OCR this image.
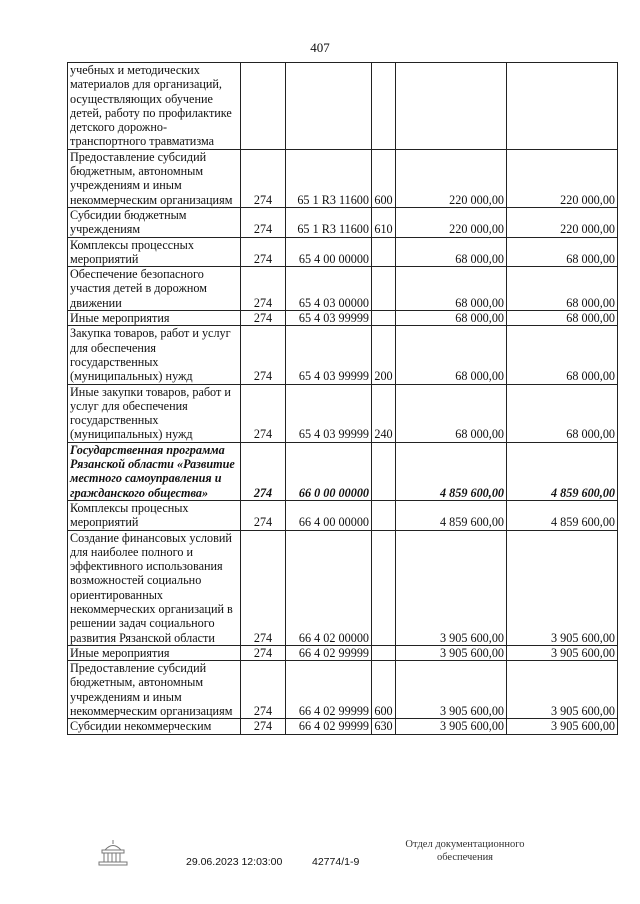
407
учебных и методических материалов для организаций, осуществляющих обучение детей, работу по профилактике детского дорожно-транспортного травматизма					
Предоставление субсидий бюджетным, автономным учреждениям и иным некоммерческим организациям	274	65 1 R3 11600	600	220 000,00	220 000,00
Субсидии бюджетным учреждениям	274	65 1 R3 11600	610	220 000,00	220 000,00
Комплексы процессных мероприятий	274	65 4 00 00000		68 000,00	68 000,00
Обеспечение безопасного участия детей в дорожном движении	274	65 4 03 00000		68 000,00	68 000,00
Иные мероприятия	274	65 4 03 99999		68 000,00	68 000,00
Закупка товаров, работ и услуг для обеспечения государственных (муниципальных) нужд	274	65 4 03 99999	200	68 000,00	68 000,00
Иные закупки товаров, работ и услуг для обеспечения государственных (муниципальных) нужд	274	65 4 03 99999	240	68 000,00	68 000,00
Государственная программа Рязанской области «Развитие местного самоуправления и гражданского общества»	274	66 0 00 00000		4 859 600,00	4 859 600,00
Комплексы процесных мероприятий	274	66 4 00 00000		4 859 600,00	4 859 600,00
Создание финансовых условий для наиболее полного и эффективного использования возможностей социально ориентированных некоммерческих организаций в решении задач социального развития Рязанской области	274	66 4 02 00000		3 905 600,00	3 905 600,00
Иные мероприятия	274	66 4 02 99999		3 905 600,00	3 905 600,00
Предоставление субсидий бюджетным, автономным учреждениям и иным некоммерческим организациям	274	66 4 02 99999	600	3 905 600,00	3 905 600,00
Субсидии некоммерческим	274	66 4 02 99999	630	3 905 600,00	3 905 600,00
29.06.2023 12:03:00	42774/1-9
Отдел документационного
обеспечения
